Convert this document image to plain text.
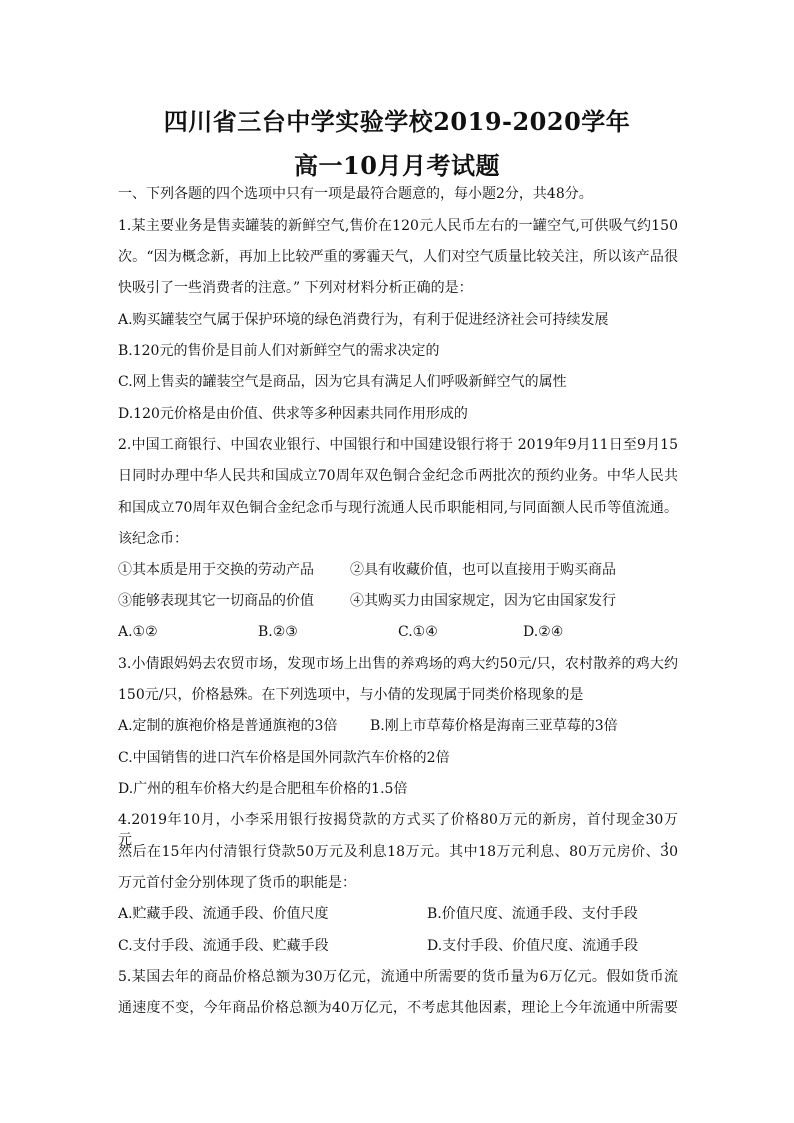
四川省三台中学实验学校2019-2020学年
高一10月月考试题
一、下列各题的四个选项中只有一项是最符合题意的，每小题2分，共48分。
1.某主要业务是售卖罐装的新鲜空气,售价在120元人民币左右的一罐空气,可供吸气约150
次。“因为概念新，再加上比较严重的雾霾天气，人们对空气质量比较关注，所以该产品很
快吸引了一些消费者的注意。” 下列对材料分析正确的是：
A.购买罐装空气属于保护环境的绿色消费行为，有利于促进经济社会可持续发展
B.120元的售价是目前人们对新鲜空气的需求决定的
C.网上售卖的罐装空气是商品，因为它具有满足人们呼吸新鲜空气的属性
D.120元价格是由价值、供求等多种因素共同作用形成的
2.中国工商银行、中国农业银行、中国银行和中国建设银行将于 2019年9月11日至9月15
日同时办理中华人民共和国成立70周年双色铜合金纪念币两批次的预约业务。中华人民共
和国成立70周年双色铜合金纪念币与现行流通人民币职能相同,与同面额人民币等值流通。
该纪念币：
①其本质是用于交换的劳动产品	②具有收藏价值，也可以直接用于购买商品
③能够表现其它一切商品的价值	④其购买力由国家规定，因为它由国家发行
A.①②	B.②③	C.①④	D.②④
3.小倩跟妈妈去农贸市场，发现市场上出售的养鸡场的鸡大约50元/只，农村散养的鸡大约
150元/只，价格悬殊。在下列选项中，与小倩的发现属于同类价格现象的是
A.定制的旗袍价格是普通旗袍的3倍 B.刚上市草莓价格是海南三亚草莓的3倍
C.中国销售的进口汽车价格是国外同款汽车价格的2倍
D.广州的租车价格大约是合肥租车价格的1.5倍
4.2019年10月，小李采用银行按揭贷款的方式买了价格80万元的新房，首付现金30万元，
然后在15年内付清银行贷款50万元及利息18万元。其中18万元利息、80万元房价、30
万元首付金分别体现了货币的职能是：
A.贮藏手段、流通手段、价值尺度	B.价值尺度、流通手段、支付手段
C.支付手段、流通手段、贮藏手段	D.支付手段、价值尺度、流通手段
5.某国去年的商品价格总额为30万亿元，流通中所需要的货币量为6万亿元。假如货币流
通速度不变，今年商品价格总额为40万亿元，不考虑其他因素，理论上今年流通中所需要
